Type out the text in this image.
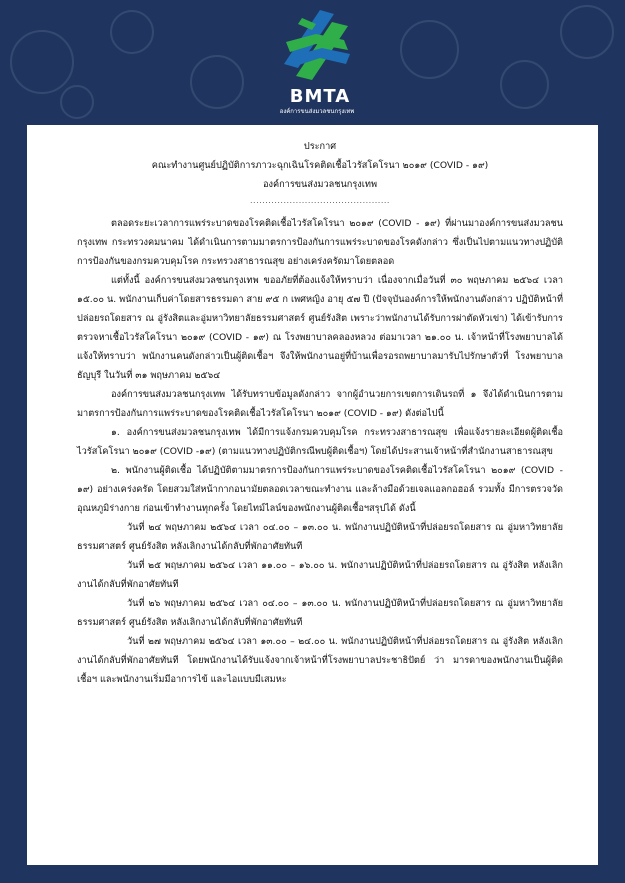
BMTA
องค์การขนส่งมวลชนกรุงเทพ
ประกาศ
คณะทำงานศูนย์ปฏิบัติการภาวะฉุกเฉินโรคติดเชื้อไวรัสโคโรนา ๒๐๑๙ (COVID - ๑๙)
องค์การขนส่งมวลชนกรุงเทพ
..............................................

ตลอดระยะเวลาการแพร่ระบาดของโรคติดเชื้อไวรัสโคโรนา ๒๐๑๙ (COVID - ๑๙) ที่ผ่านมาองค์การขนส่งมวลชนกรุงเทพ กระทรวงคมนาคม ได้ดำเนินการตามมาตรการป้องกันการแพร่ระบาดของโรคดังกล่าว ซึ่งเป็นไปตามแนวทางปฏิบัติการป้องกันของกรมควบคุมโรค กระทรวงสาธารณสุข อย่างเคร่งครัดมาโดยตลอด

แต่ทั้งนี้ องค์การขนส่งมวลชนกรุงเทพ ขออภัยที่ต้องแจ้งให้ทราบว่า เนื่องจากเมื่อวันที่ ๓๐ พฤษภาคม ๒๕๖๔ เวลา ๑๕.๐๐ น. พนักงานเก็บค่าโดยสารธรรมดา สาย ๙๕ ก เพศหญิง อายุ ๕๗ ปี (ปัจจุบันองค์การให้พนักงานดังกล่าว ปฏิบัติหน้าที่ปล่อยรถโดยสาร ณ อู่รังสิตและอู่มหาวิทยาลัยธรรมศาสตร์ ศูนย์รังสิต เพราะว่าพนักงานได้รับการผ่าตัดหัวเข่า) ได้เข้ารับการตรวจหาเชื้อไวรัสโคโรนา ๒๐๑๙ (COVID - ๑๙) ณ โรงพยาบาลคลองหลวง ต่อมาเวลา ๒๑.๐๐ น. เจ้าหน้าที่โรงพยาบาลได้แจ้งให้ทราบว่า พนักงานคนดังกล่าวเป็นผู้ติดเชื้อฯ จึงให้พนักงานอยู่ที่บ้านเพื่อรอรถพยาบาลมารับไปรักษาตัวที่ โรงพยาบาลธัญบุรี ในวันที่ ๓๑ พฤษภาคม ๒๕๖๔

องค์การขนส่งมวลชนกรุงเทพ ได้รับทราบข้อมูลดังกล่าว จากผู้อำนวยการเขตการเดินรถที่ ๑ จึงได้ดำเนินการตามมาตรการป้องกันการแพร่ระบาดของโรคติดเชื้อไวรัสโคโรนา ๒๐๑๙ (COVID - ๑๙) ดังต่อไปนี้

๑. องค์การขนส่งมวลชนกรุงเทพ ได้มีการแจ้งกรมควบคุมโรค กระทรวงสาธารณสุข เพื่อแจ้งรายละเอียดผู้ติดเชื้อไวรัสโคโรนา ๒๐๑๙ (COVID -๑๙) (ตามแนวทางปฏิบัติกรณีพบผู้ติดเชื้อฯ) โดยได้ประสานเจ้าหน้าที่สำนักงานสาธารณสุข

๒. พนักงานผู้ติดเชื้อ ได้ปฏิบัติตามมาตรการป้องกันการแพร่ระบาดของโรคติดเชื้อไวรัสโคโรนา ๒๐๑๙ (COVID - ๑๙) อย่างเคร่งครัด โดยสวมใส่หน้ากากอนามัยตลอดเวลาขณะทำงาน และล้างมือด้วยเจลแอลกอฮอล์ รวมทั้ง มีการตรวจวัดอุณหภูมิร่างกาย ก่อนเข้าทำงานทุกครั้ง โดยไทม์ไลน์ของพนักงานผู้ติดเชื้อฯสรุปได้ ดังนี้

วันที่ ๒๔ พฤษภาคม ๒๕๖๔ เวลา ๐๔.๐๐ – ๑๓.๐๐ น. พนักงานปฏิบัติหน้าที่ปล่อยรถโดยสาร ณ อู่มหาวิทยาลัยธรรมศาสตร์ ศูนย์รังสิต หลังเลิกงานได้กลับที่พักอาศัยทันที

วันที่ ๒๕ พฤษภาคม ๒๕๖๔ เวลา ๑๑.๐๐ – ๑๖.๐๐ น. พนักงานปฏิบัติหน้าที่ปล่อยรถโดยสาร ณ อู่รังสิต หลังเลิกงานได้กลับที่พักอาศัยทันที

วันที่ ๒๖ พฤษภาคม ๒๕๖๔ เวลา ๐๔.๐๐ – ๑๓.๐๐ น. พนักงานปฏิบัติหน้าที่ปล่อยรถโดยสาร ณ อู่มหาวิทยาลัยธรรมศาสตร์ ศูนย์รังสิต หลังเลิกงานได้กลับที่พักอาศัยทันที

วันที่ ๒๗ พฤษภาคม ๒๕๖๔ เวลา ๑๓.๐๐ – ๒๔.๐๐ น. พนักงานปฏิบัติหน้าที่ปล่อยรถโดยสาร ณ อู่รังสิต หลังเลิกงานได้กลับที่พักอาศัยทันที โดยพนักงานได้รับแจ้งจากเจ้าหน้าที่โรงพยาบาลประชาธิปัตย์ ว่า มารดาของพนักงานเป็นผู้ติดเชื้อฯ และพนักงานเริ่มมีอาการไข้ และไอแบบมีเสมหะ
